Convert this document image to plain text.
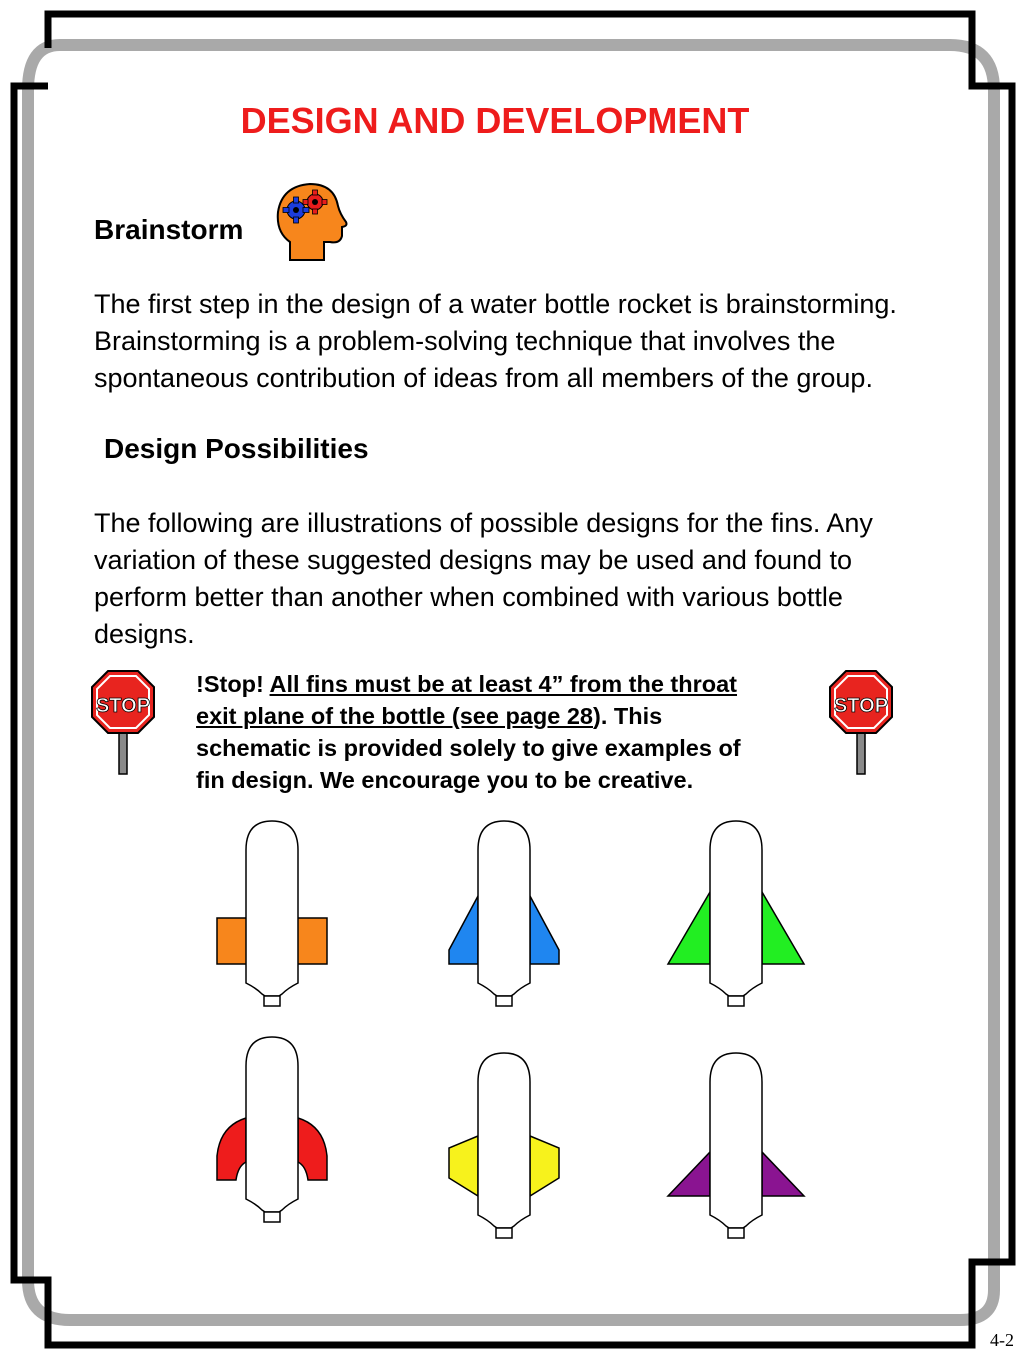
DESIGN AND DEVELOPMENT
Brainstorm
The first step in the design of a water bottle rocket is brainstorming.
Brainstorming is a problem-solving technique that involves the
spontaneous contribution of ideas from all members of the group.
Design Possibilities
The following are illustrations of possible designs for the fins. Any
variation of these suggested designs may be used and found to
perform better than another when combined with various bottle
designs.
STOP	STOP
!Stop! All fins must be at least 4” from the throat
exit plane of the bottle (see page 28). This
schematic is provided solely to give examples of
fin design. We encourage you to be creative.
4-2
